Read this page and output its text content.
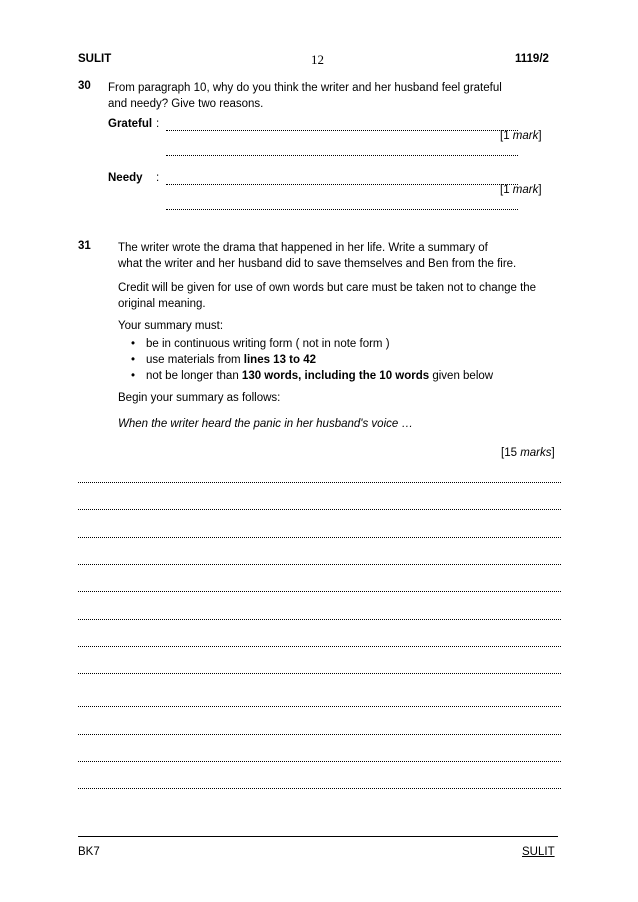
SULIT	12	1119/2
30 From paragraph 10, why do you think the writer and her husband feel grateful
and needy? Give two reasons.
Grateful :
[1 mark]
Needy :
[1 mark]
31 The writer wrote the drama that happened in her life. Write a summary of
what the writer and her husband did to save themselves and Ben from the fire.
Credit will be given for use of own words but care must be taken not to change the
original meaning.
Your summary must:
• be in continuous writing form ( not in note form )
• use materials from lines 13 to 42
• not be longer than 130 words, including the 10 words given below
Begin your summary as follows:
When the writer heard the panic in her husband's voice …
[15 marks]
BK7	SULIT
